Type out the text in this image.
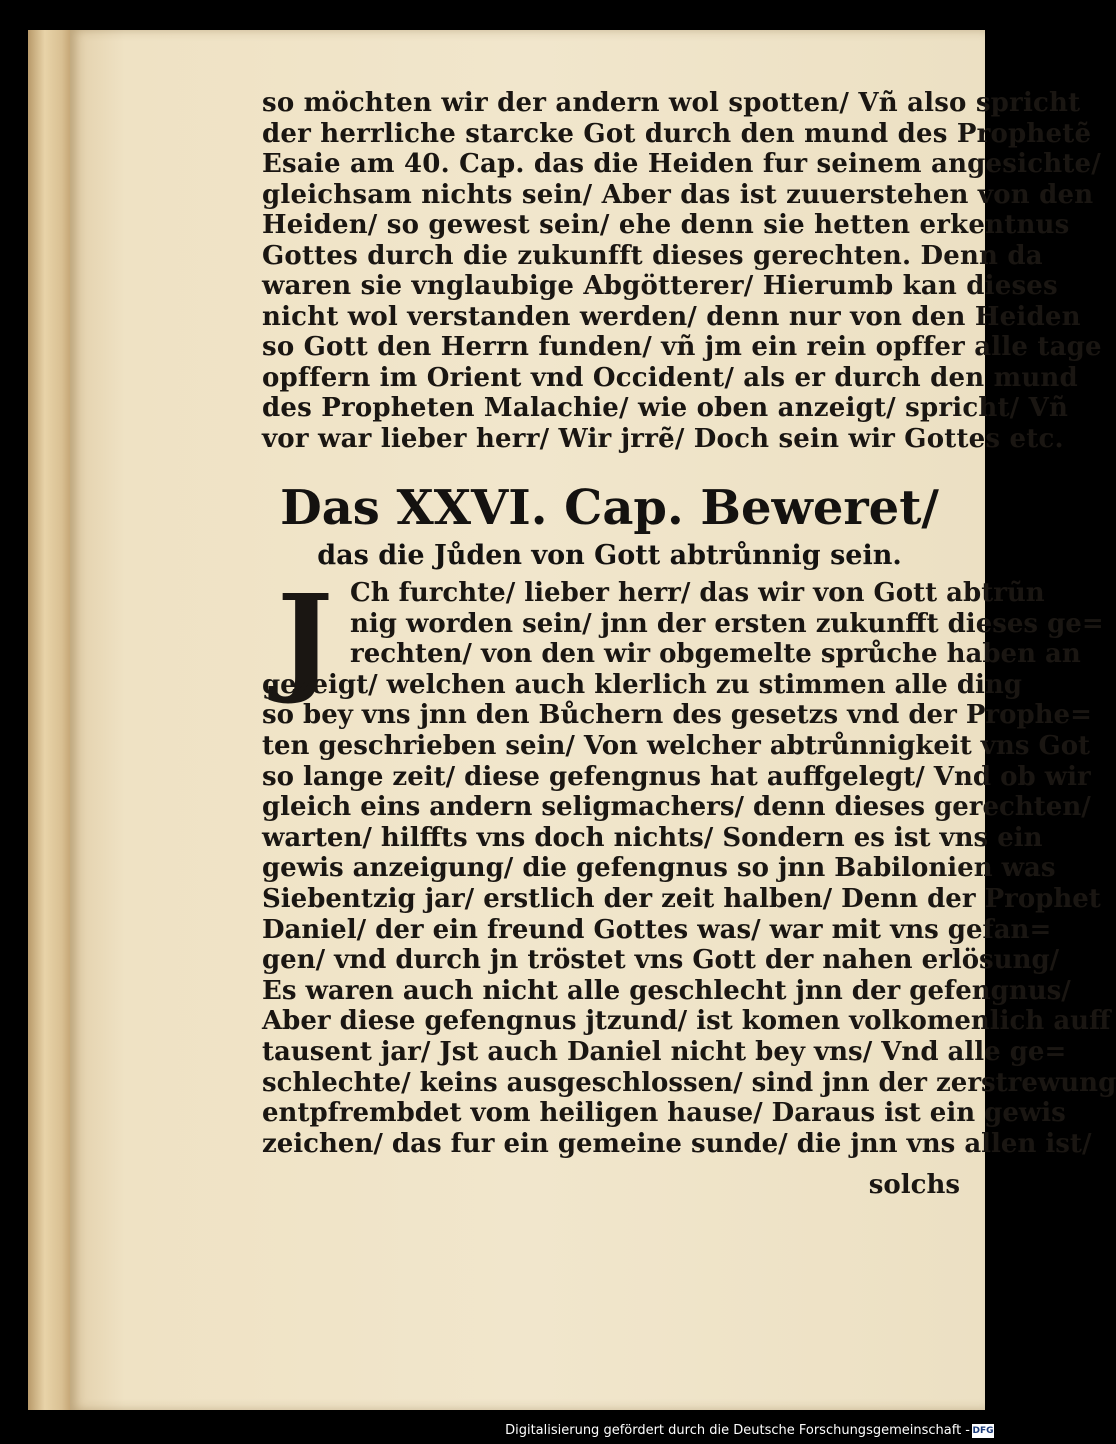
so möchten wir der andern wol spotten/ Vñ also spricht
der herrliche starcke Got durch den mund des Prophetẽ
Esaie am 40. Cap. das die Heiden fur seinem angesichte/
gleichsam nichts sein/ Aber das ist zuuerstehen von den
Heiden/ so gewest sein/ ehe denn sie hetten erkentnus
Gottes durch die zukunfft dieses gerechten. Denn da
waren sie vnglaubige Abgötterer/ Hierumb kan dieses
nicht wol verstanden werden/ denn nur von den Heiden
so Gott den Herrn funden/ vñ jm ein rein opffer alle tage
opffern im Orient vnd Occident/ als er durch den mund
des Propheten Malachie/ wie oben anzeigt/ spricht/ Vñ
vor war lieber herr/ Wir jrrẽ/ Doch sein wir Gottes etc.
Das XXVI. Cap. Beweret/
das die Jůden von Gott abtrůnnig sein.
J Ch furchte/ lieber herr/ das wir von Gott abtrũn
nig worden sein/ jnn der ersten zukunfft dieses ge=
rechten/ von den wir obgemelte sprůche haben an
gezeigt/ welchen auch klerlich zu stimmen alle ding
so bey vns jnn den Bůchern des gesetzs vnd der Prophe=
ten geschrieben sein/ Von welcher abtrůnnigkeit vns Got
so lange zeit/ diese gefengnus hat auffgelegt/ Vnd ob wir
gleich eins andern seligmachers/ denn dieses gerechten/
warten/ hilffts vns doch nichts/ Sondern es ist vns ein
gewis anzeigung/ die gefengnus so jnn Babilonien was
Siebentzig jar/ erstlich der zeit halben/ Denn der Prophet
Daniel/ der ein freund Gottes was/ war mit vns gefan=
gen/ vnd durch jn tröstet vns Gott der nahen erlösung/
Es waren auch nicht alle geschlecht jnn der gefengnus/
Aber diese gefengnus jtzund/ ist komen volkomenlich auff
tausent jar/ Jst auch Daniel nicht bey vns/ Vnd alle ge=
schlechte/ keins ausgeschlossen/ sind jnn der zerstrewung
entpfrembdet vom heiligen hause/ Daraus ist ein gewis
zeichen/ das fur ein gemeine sunde/ die jnn vns allen ist/
solchs
Digitalisierung gefördert durch die Deutsche Forschungsgemeinschaft - DFG
